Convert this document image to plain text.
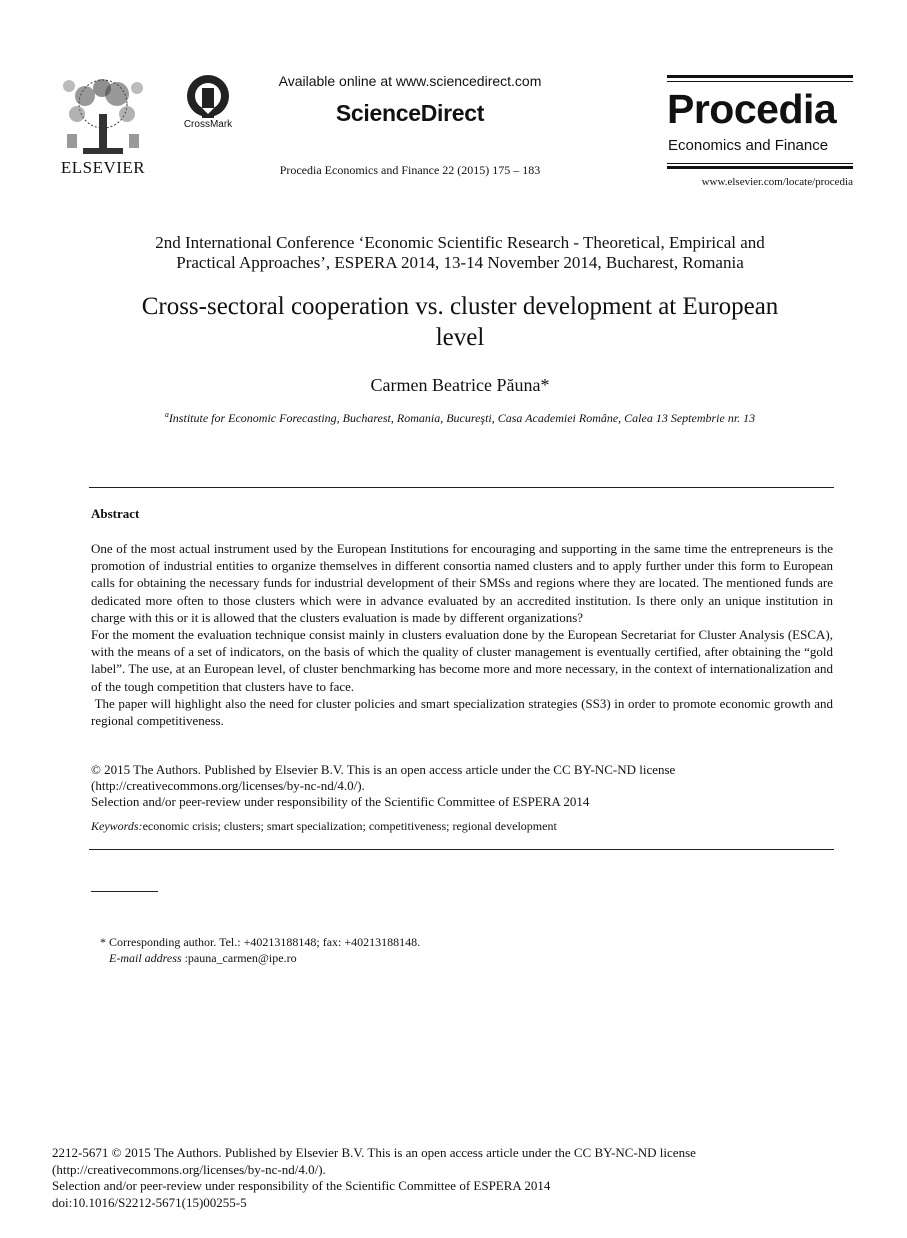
ELSEVIER
CrossMark
Available online at www.sciencedirect.com
ScienceDirect
Procedia Economics and Finance 22 (2015) 175 – 183
Procedia
Economics and Finance
www.elsevier.com/locate/procedia
2nd International Conference ‘Economic Scientific Research - Theoretical, Empirical and
Practical Approaches’, ESPERA 2014, 13-14 November 2014, Bucharest, Romania
Cross-sectoral cooperation vs. cluster development at European
level
Carmen Beatrice Păuna*
$^a$Institute for Economic Forecasting, Bucharest, Romania, Bucureşti, Casa Academiei Române, Calea 13 Septembrie nr. 13
Abstract

One of the most actual instrument used by the European Institutions for encouraging and supporting in the same time the entrepreneurs is the promotion of industrial entities to organize themselves in different consortia named clusters and to apply further under this form to European calls for obtaining the necessary funds for industrial development of their SMSs and regions where they are located. The mentioned funds are dedicated more often to those clusters which were in advance evaluated by an accredited institution. Is there only an unique institution in charge with this or it is allowed that the clusters evaluation is made by different organizations?

For the moment the evaluation technique consist mainly in clusters evaluation done by the European Secretariat for Cluster Analysis (ESCA), with the means of a set of indicators, on the basis of which the quality of cluster management is eventually certified, after obtaining the “gold label”. The use, at an European level, of cluster benchmarking has become more and more necessary, in the context of internationalization and of the tough competition that clusters have to face.

The paper will highlight also the need for cluster policies and smart specialization strategies (SS3) in order to promote economic growth and regional competitiveness.

© 2015 The Authors. Published by Elsevier B.V. This is an open access article under the CC BY-NC-ND license

(http://creativecommons.org/licenses/by-nc-nd/4.0/).

Selection and/or peer-review under responsibility of the Scientific Committee of ESPERA 2014

Keywords:economic crisis; clusters; smart specialization; competitiveness; regional development
* Corresponding author. Tel.: +40213188148; fax: +40213188148.
E-mail address :pauna_carmen@ipe.ro

2212-5671 © 2015 The Authors. Published by Elsevier B.V. This is an open access article under the CC BY-NC-ND license

(http://creativecommons.org/licenses/by-nc-nd/4.0/).

Selection and/or peer-review under responsibility of the Scientific Committee of ESPERA 2014

doi:10.1016/S2212-5671(15)00255-5
